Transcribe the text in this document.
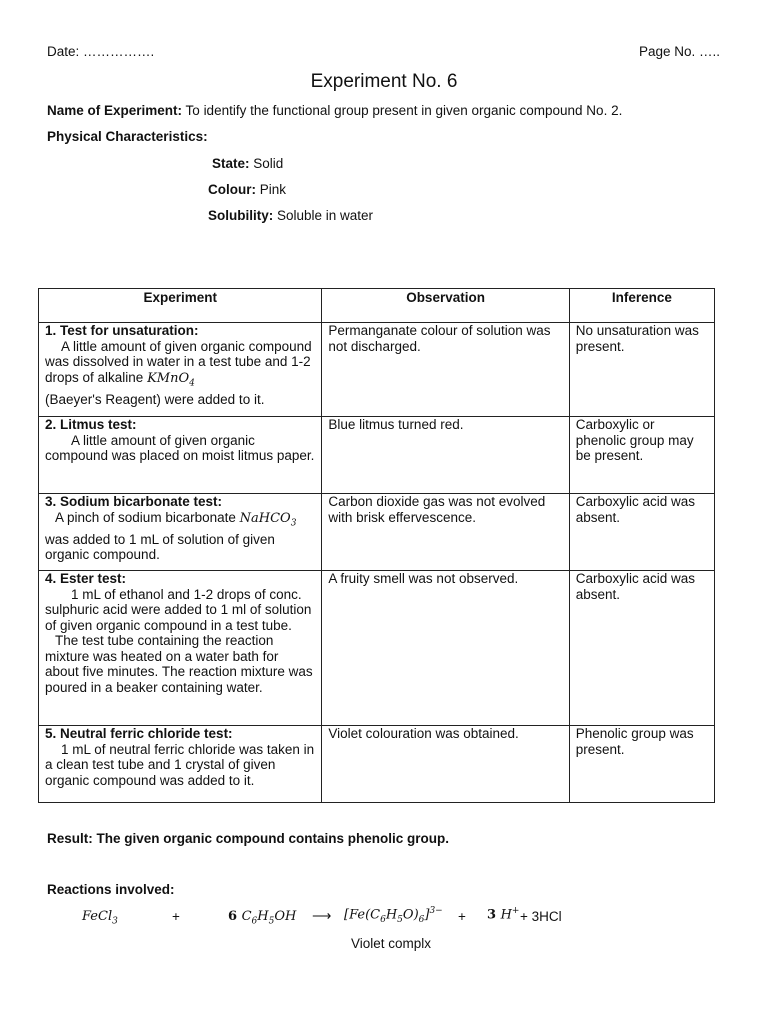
Date: …………….	Page No. …..
Experiment No. 6
Name of Experiment: To identify the functional group present in given organic compound No. 2.
Physical Characteristics:
State: Solid
Colour: Pink
Solubility: Soluble in water
Experiment	Observation	Inference

1. Test for unsaturation:
A little amount of given organic compound was dissolved in water in a test tube and 1-2 drops of alkaline KMnO$_4$
(Baeyer's Reagent) were added to it.	Permanganate colour of solution was not discharged.	No unsaturation was present.

2. Litmus test:
A little amount of given organic compound was placed on moist litmus paper.	Blue litmus turned red.	Carboxylic or phenolic group may be present.

3. Sodium bicarbonate test:
A pinch of sodium bicarbonate NaHCO$_3$ was added to 1 mL of solution of given organic compound.	Carbon dioxide gas was not evolved with brisk effervescence.	Carboxylic acid was absent.

4. Ester test:
1 mL of ethanol and 1-2 drops of conc. sulphuric acid were added to 1 ml of solution of given organic compound in a test tube.
The test tube containing the reaction mixture was heated on a water bath for about five minutes. The reaction mixture was poured in a beaker containing water.	A fruity smell was not observed.	Carboxylic acid was absent.

5. Neutral ferric chloride test:
1 mL of neutral ferric chloride was taken in a clean test tube and 1 crystal of given organic compound was added to it.	Violet colouration was obtained.	Phenolic group was present.
Result: The given organic compound contains phenolic group.
Reactions involved:
FeCl$_3$	+	6 $C_6H_5OH$ ⟶ $[Fe(C_6H_5O)_6]^{3-} + 3$ H+ + 3HCl
Violet complx
